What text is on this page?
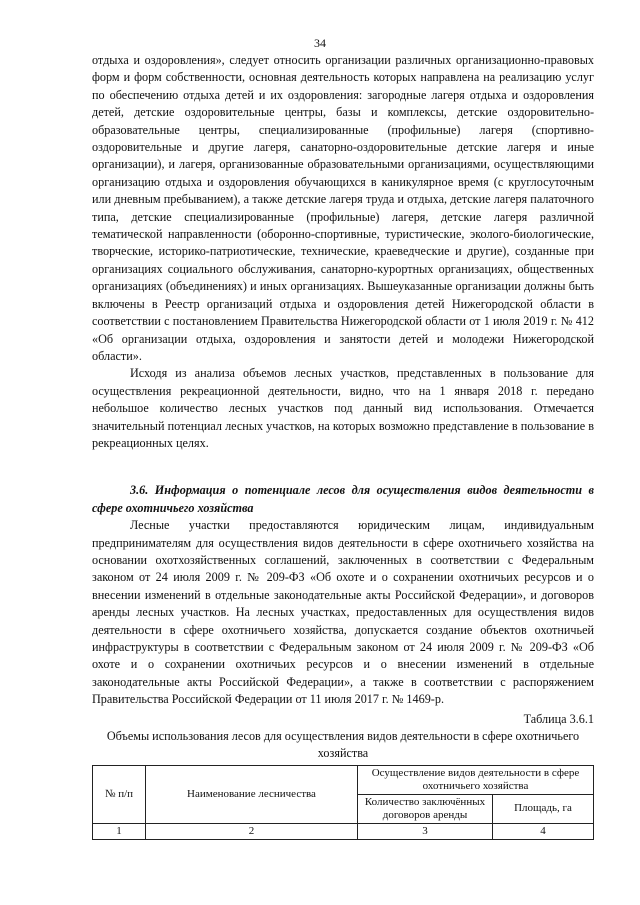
34

отдыха и оздоровления», следует относить организации различных организационно-правовых форм и форм собственности, основная деятельность которых направлена на реализацию услуг по обеспечению отдыха детей и их оздоровления: загородные лагеря отдыха и оздоровления детей, детские оздоровительные центры, базы и комплексы, детские оздоровительно-образовательные центры, специализированные (профильные) лагеря (спортивно-оздоровительные и другие лагеря, санаторно-оздоровительные детские лагеря и иные организации), и лагеря, организованные образовательными организациями, осуществляющими организацию отдыха и оздоровления обучающихся в каникулярное время (с круглосуточным или дневным пребыванием), а также детские лагеря труда и отдыха, детские лагеря палаточного типа, детские специализированные (профильные) лагеря, детские лагеря различной тематической направленности (оборонно-спортивные, туристические, эколого-биологические, творческие, историко-патриотические, технические, краеведческие и другие), созданные при организациях социального обслуживания, санаторно-курортных организациях, общественных организациях (объединениях) и иных организациях. Вышеуказанные организации должны быть включены в Реестр организаций отдыха и оздоровления детей Нижегородской области в соответствии с постановлением Правительства Нижегородской области от 1 июля 2019 г. № 412 «Об организации отдыха, оздоровления и занятости детей и молодежи Нижегородской области».

Исходя из анализа объемов лесных участков, представленных в пользование для осуществления рекреационной деятельности, видно, что на 1 января 2018 г. передано небольшое количество лесных участков под данный вид использования. Отмечается значительный потенциал лесных участков, на которых возможно представление в пользование в рекреационных целях.

3.6. Информация о потенциале лесов для осуществления видов деятельности в сфере охотничьего хозяйства

Лесные участки предоставляются юридическим лицам, индивидуальным предпринимателям для осуществления видов деятельности в сфере охотничьего хозяйства на основании охотхозяйственных соглашений, заключенных в соответствии с Федеральным законом от 24 июля 2009 г. № 209-ФЗ «Об охоте и о сохранении охотничьих ресурсов и о внесении изменений в отдельные законодательные акты Российской Федерации», и договоров аренды лесных участков. На лесных участках, предоставленных для осуществления видов деятельности в сфере охотничьего хозяйства, допускается создание объектов охотничьей инфраструктуры в соответствии с Федеральным законом от 24 июля 2009 г. № 209-ФЗ «Об охоте и о сохранении охотничьих ресурсов и о внесении изменений в отдельные законодательные акты Российской Федерации», а также в соответствии с распоряжением Правительства Российской Федерации от 11 июля 2017 г. № 1469-р.

Таблица 3.6.1

Объемы использования лесов для осуществления видов деятельности в сфере охотничьего хозяйства

№ п/п	Наименование лесничества	Осуществление видов деятельности в сфере охотничьего хозяйства	
		Количество заключённых договоров аренды	Площадь, га
1	2	3	4
